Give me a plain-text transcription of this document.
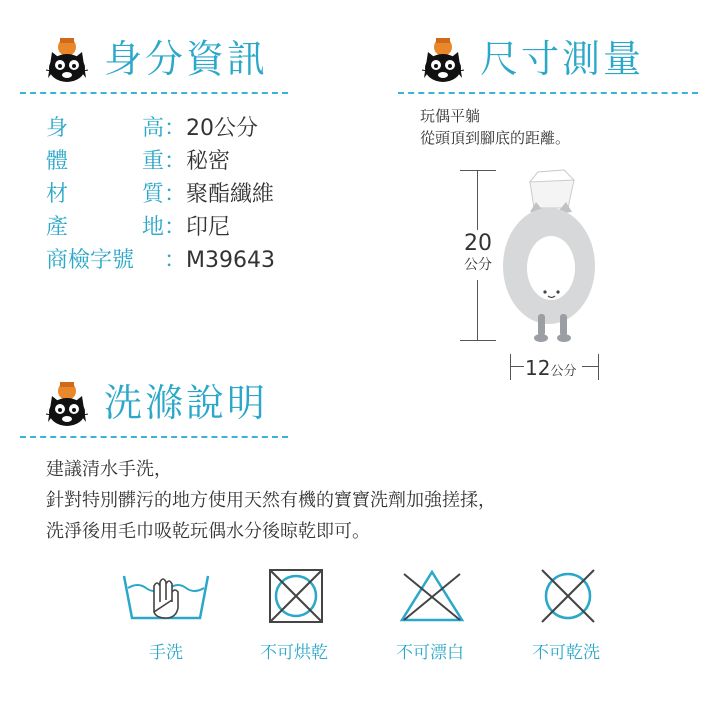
身分資訊
身	高 ： 20公分
體	重 ： 秘密
材	質 ： 聚酯纖維
產	地 ： 印尼
商檢字號	： M39643
尺寸測量
玩偶平躺
從頭頂到腳底的距離。
20
公分
12 公分
洗滌說明
建議清水手洗，
針對特別髒污的地方使用天然有機的寶寶洗劑加強搓揉，
洗淨後用毛巾吸乾玩偶水分後晾乾即可。
手洗	不可烘乾	不可漂白	不可乾洗
